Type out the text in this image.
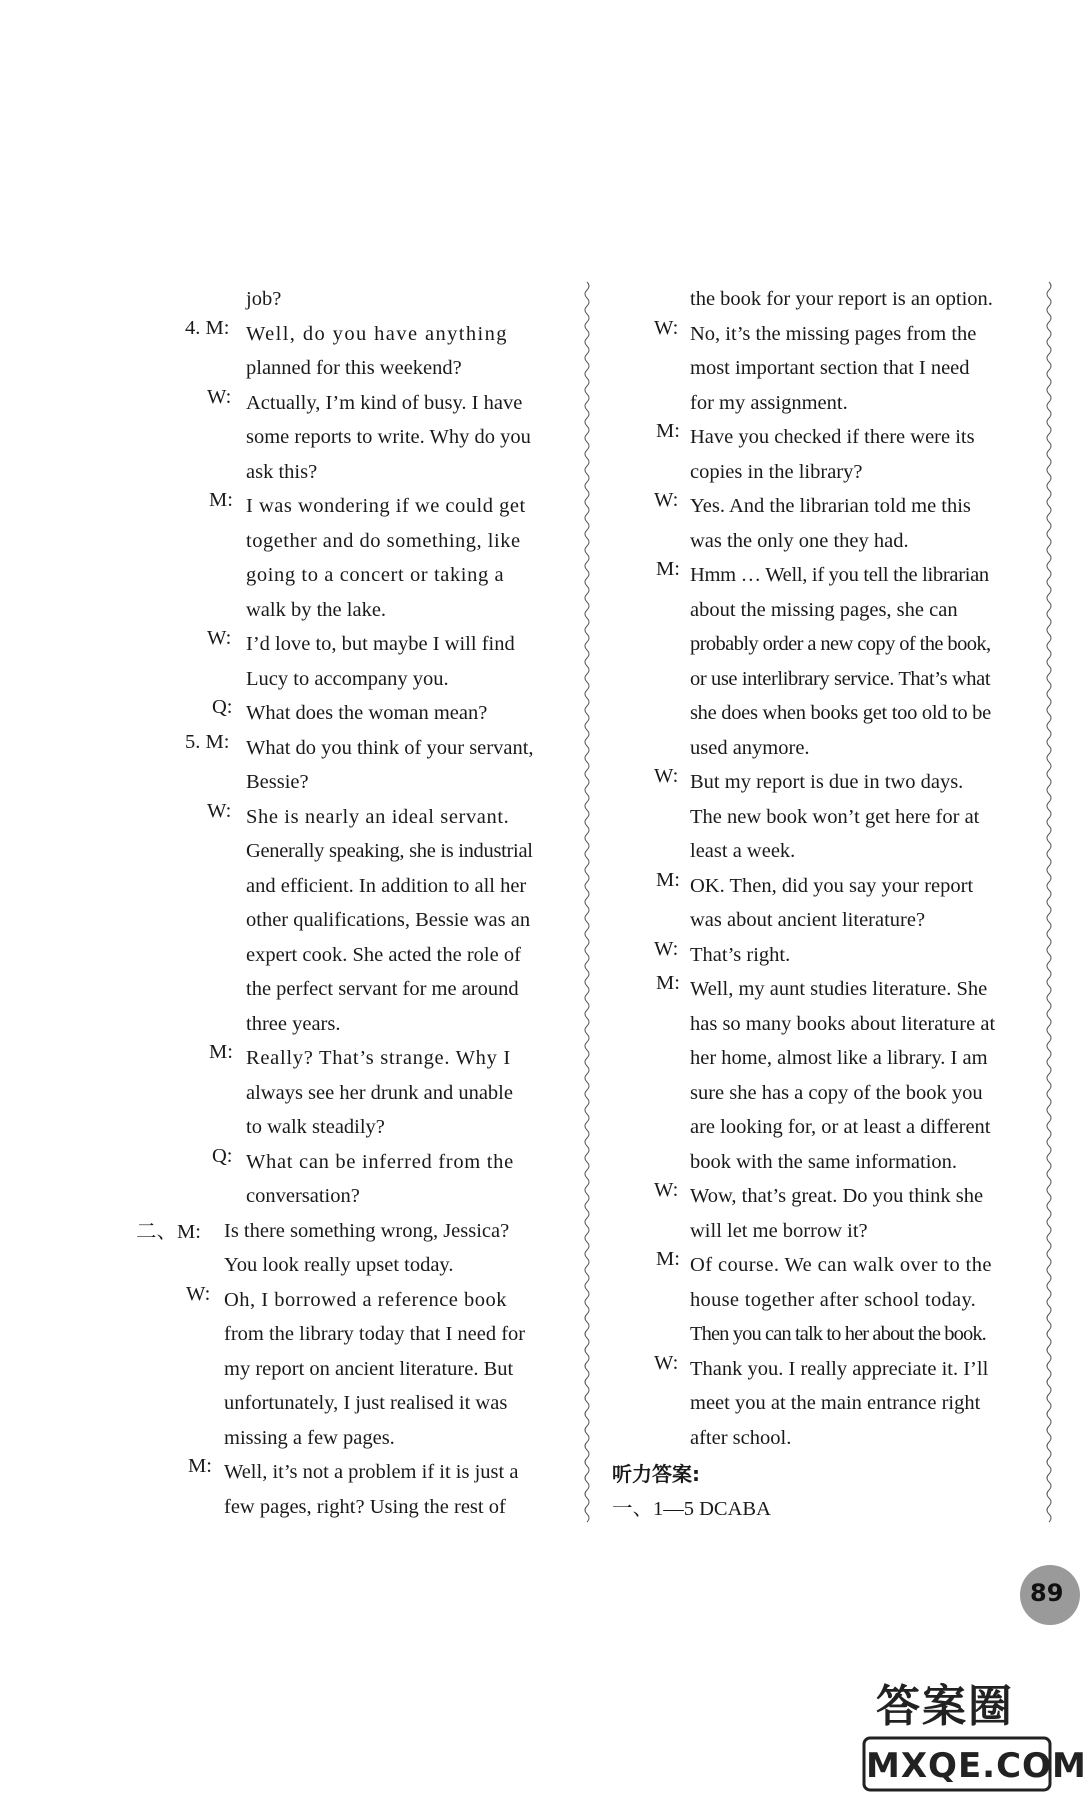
job?
4. M: Well, do you have anything
planned for this weekend?
W: Actually, I’m kind of busy. I have
some reports to write. Why do you
ask this?
M: I was wondering if we could get
together and do something, like
going to a concert or taking a
walk by the lake.
W: I’d love to, but maybe I will find
Lucy to accompany you.
Q: What does the woman mean?
5. M: What do you think of your servant,
Bessie?
W: She is nearly an ideal servant.
Generally speaking, she is industrial
and efficient. In addition to all her
other qualifications, Bessie was an
expert cook. She acted the role of
the perfect servant for me around
three years.
M: Really? That’s strange. Why I
always see her drunk and unable
to walk steadily?
Q: What can be inferred from the
conversation?
二、M:	Is there something wrong, Jessica?
You look really upset today.
W: Oh, I borrowed a reference book
from the library today that I need for
my report on ancient literature. But
unfortunately, I just realised it was
missing a few pages.
M: Well, it’s not a problem if it is just a
few pages, right? Using the rest of
the book for your report is an option.
W: No, it’s the missing pages from the
most important section that I need
for my assignment.
M: Have you checked if there were its
copies in the library?
W: Yes. And the librarian told me this
was the only one they had.
M: Hmm … Well, if you tell the librarian
about the missing pages, she can
probably order a new copy of the book,
or use interlibrary service. That’s what
she does when books get too old to be
used anymore.
W: But my report is due in two days.
The new book won’t get here for at
least a week.
M: OK. Then, did you say your report
was about ancient literature?
W: That’s right.
M: Well, my aunt studies literature. She
has so many books about literature at
her home, almost like a library. I am
sure she has a copy of the book you
are looking for, or at least a different
book with the same information.
W: Wow, that’s great. Do you think she
will let me borrow it?
M: Of course. We can walk over to the
house together after school today.
Then you can talk to her about the book.
W: Thank you. I really appreciate it. I’ll
meet you at the main entrance right
after school.
听力答案:
一、1—5 DCABA
89
答案圈
MXQE.COM
